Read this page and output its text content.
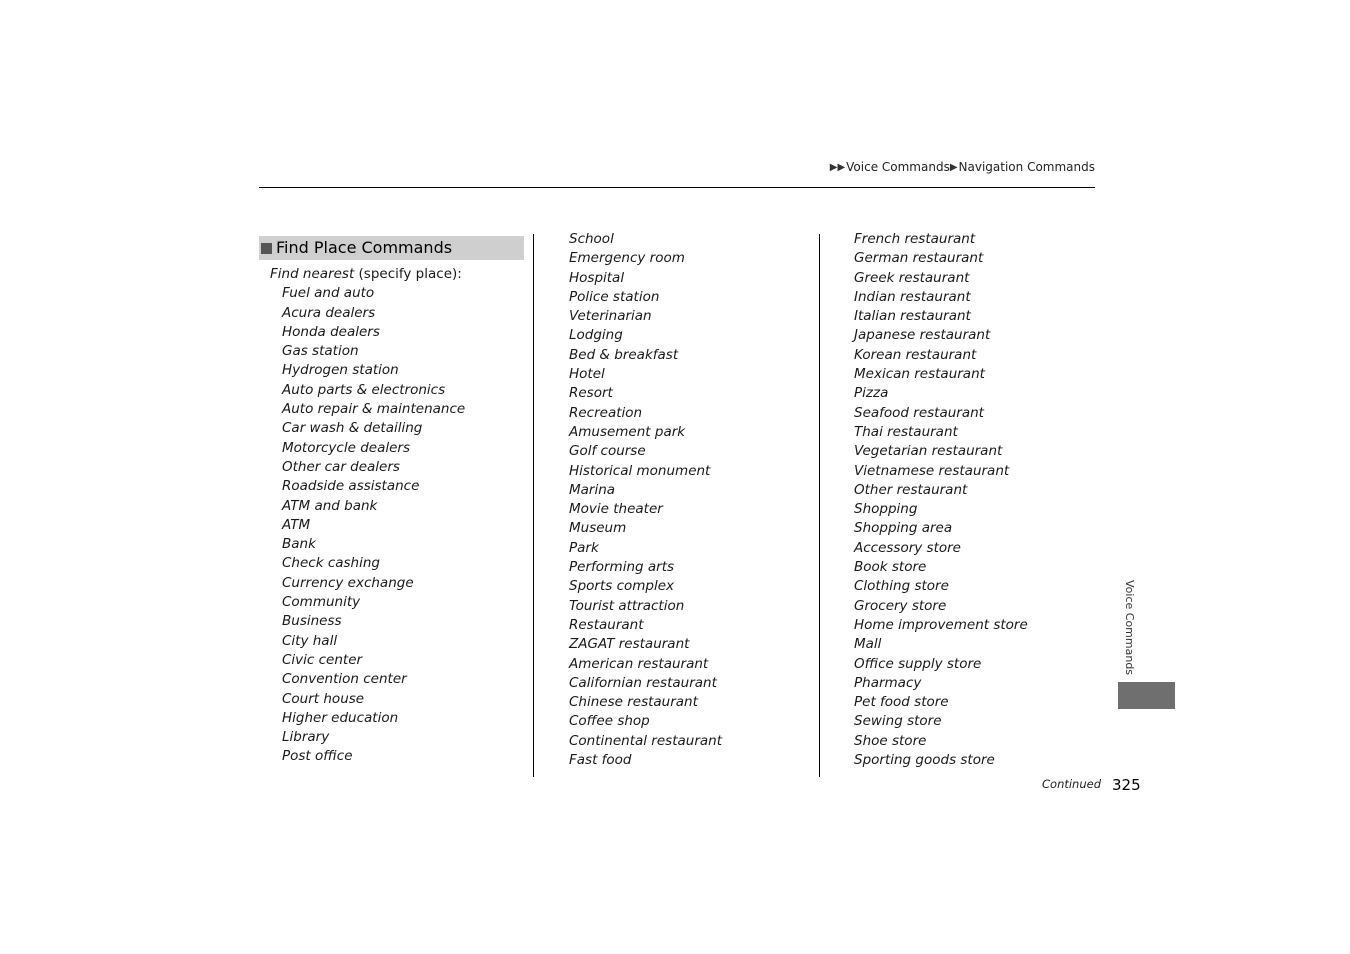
▶▶ Voice Commands ▶ Navigation Commands
Find Place Commands
Find nearest (specify place):
Fuel and auto
Acura dealers
Honda dealers
Gas station
Hydrogen station
Auto parts & electronics
Auto repair & maintenance
Car wash & detailing
Motorcycle dealers
Other car dealers
Roadside assistance
ATM and bank
ATM
Bank
Check cashing
Currency exchange
Community
Business
City hall
Civic center
Convention center
Court house
Higher education
Library
Post office
School
Emergency room
Hospital
Police station
Veterinarian
Lodging
Bed & breakfast
Hotel
Resort
Recreation
Amusement park
Golf course
Historical monument
Marina
Movie theater
Museum
Park
Performing arts
Sports complex
Tourist attraction
Restaurant
ZAGAT restaurant
American restaurant
Californian restaurant
Chinese restaurant
Coffee shop
Continental restaurant
Fast food
French restaurant
German restaurant
Greek restaurant
Indian restaurant
Italian restaurant
Japanese restaurant
Korean restaurant
Mexican restaurant
Pizza
Seafood restaurant
Thai restaurant
Vegetarian restaurant
Vietnamese restaurant
Other restaurant
Shopping
Shopping area
Accessory store
Book store
Clothing store
Grocery store
Home improvement store
Mall
Office supply store
Pharmacy
Pet food store
Sewing store
Shoe store
Sporting goods store
Voice Commands
Continued 325
